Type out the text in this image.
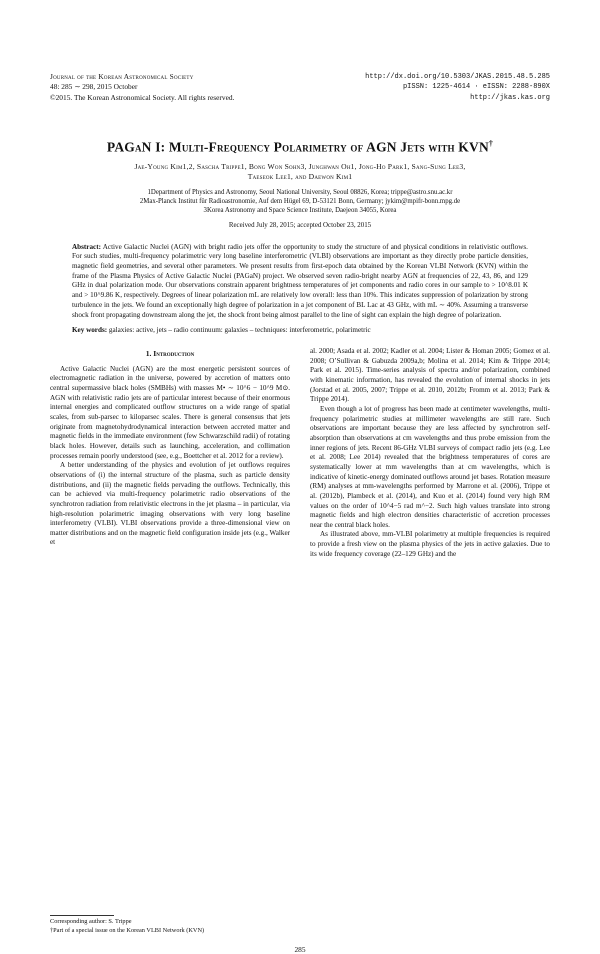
Journal of the Korean Astronomical Society
48: 285 ∼ 298, 2015 October
©2015. The Korean Astronomical Society. All rights reserved.
http://dx.doi.org/10.5303/JKAS.2015.48.5.285
pISSN: 1225-4614 · eISSN: 2288-890X
http://jkas.kas.org
PAGaN I: Multi-Frequency Polarimetry of AGN Jets with KVN†
Jae-Young Kim1,2, Sascha Trippe1, Bong Won Sohn3, Junghwan Oh1, Jong-Ho Park1, Sang-Sung Lee3,
Taeseok Lee1, and Daewon Kim1
1Department of Physics and Astronomy, Seoul National University, Seoul 08826, Korea; trippe@astro.snu.ac.kr
2Max-Planck Institut für Radioastronomie, Auf dem Hügel 69, D-53121 Bonn, Germany; jykim@mpifr-bonn.mpg.de
3Korea Astronomy and Space Science Institute, Daejeon 34055, Korea
Received July 28, 2015; accepted October 23, 2015
Abstract: Active Galactic Nuclei (AGN) with bright radio jets offer the opportunity to study the structure of and physical conditions in relativistic outflows. For such studies, multi-frequency polarimetric very long baseline interferometric (VLBI) observations are important as they directly probe particle densities, magnetic field geometries, and several other parameters. We present results from first-epoch data obtained by the Korean VLBI Network (KVN) within the frame of the Plasma Physics of Active Galactic Nuclei (PAGaN) project. We observed seven radio-bright nearby AGN at frequencies of 22, 43, 86, and 129 GHz in dual polarization mode. Our observations constrain apparent brightness temperatures of jet components and radio cores in our sample to > 10^8.01 K and > 10^9.86 K, respectively. Degrees of linear polarization mL are relatively low overall: less than 10%. This indicates suppression of polarization by strong turbulence in the jets. We found an exceptionally high degree of polarization in a jet component of BL Lac at 43 GHz, with mL ∼ 40%. Assuming a transverse shock front propagating downstream along the jet, the shock front being almost parallel to the line of sight can explain the high degree of polarization.
Key words: galaxies: active, jets – radio continuum: galaxies – techniques: interferometric, polarimetric
1. Introduction

Active Galactic Nuclei (AGN) are the most energetic persistent sources of electromagnetic radiation in the universe, powered by accretion of matters onto central supermassive black holes (SMBHs) with masses M• ∼ 10^6 − 10^9 M⊙. AGN with relativistic radio jets are of particular interest because of their enormous internal energies and complicated outflow structures on a wide range of spatial scales, from sub-parsec to kiloparsec scales. There is general consensus that jets originate from magnetohydrodynamical interaction between accreted matter and magnetic fields in the immediate environment (few Schwarzschild radii) of rotating black holes. However, details such as launching, acceleration, and collimation processes remain poorly understood (see, e.g., Boettcher et al. 2012 for a review).

A better understanding of the physics and evolution of jet outflows requires observations of (i) the internal structure of the plasma, such as particle density distributions, and (ii) the magnetic fields pervading the outflows. Technically, this can be achieved via multi-frequency polarimetric radio observations of the synchrotron radiation from relativistic electrons in the jet plasma – in particular, via high-resolution polarimetric imaging observations with very long baseline interferometry (VLBI). VLBI observations provide a three-dimensional view on matter distributions and on the magnetic field configuration inside jets (e.g., Walker et

al. 2000; Asada et al. 2002; Kadler et al. 2004; Lister & Homan 2005; Gomez et al. 2008; O’Sullivan & Gabuzda 2009a,b; Molina et al. 2014; Kim & Trippe 2014; Park et al. 2015). Time-series analysis of spectra and/or polarization, combined with kinematic information, has revealed the evolution of internal shocks in jets (Jorstad et al. 2005, 2007; Trippe et al. 2010, 2012b; Fromm et al. 2013; Park & Trippe 2014).

Even though a lot of progress has been made at centimeter wavelengths, multi-frequency polarimetric studies at millimeter wavelengths are still rare. Such observations are important because they are less affected by synchrotron self-absorption than observations at cm wavelengths and thus probe emission from the inner regions of jets. Recent 86-GHz VLBI surveys of compact radio jets (e.g. Lee et al. 2008; Lee 2014) revealed that the brightness temperatures of cores are systematically lower at mm wavelengths than at cm wavelengths, which is indicative of kinetic-energy dominated outflows around jet bases. Rotation measure (RM) analyses at mm-wavelengths performed by Marrone et al. (2006), Trippe et al. (2012b), Plambeck et al. (2014), and Kuo et al. (2014) found very high RM values on the order of 10^4−5 rad m^−2. Such high values translate into strong magnetic fields and high electron densities characteristic of accretion processes near the central black holes.

As illustrated above, mm-VLBI polarimetry at multiple frequencies is required to provide a fresh view on the plasma physics of the jets in active galaxies. Due to its wide frequency coverage (22–129 GHz) and the

Corresponding author: S. Trippe
†Part of a special issue on the Korean VLBI Network (KVN)
285
